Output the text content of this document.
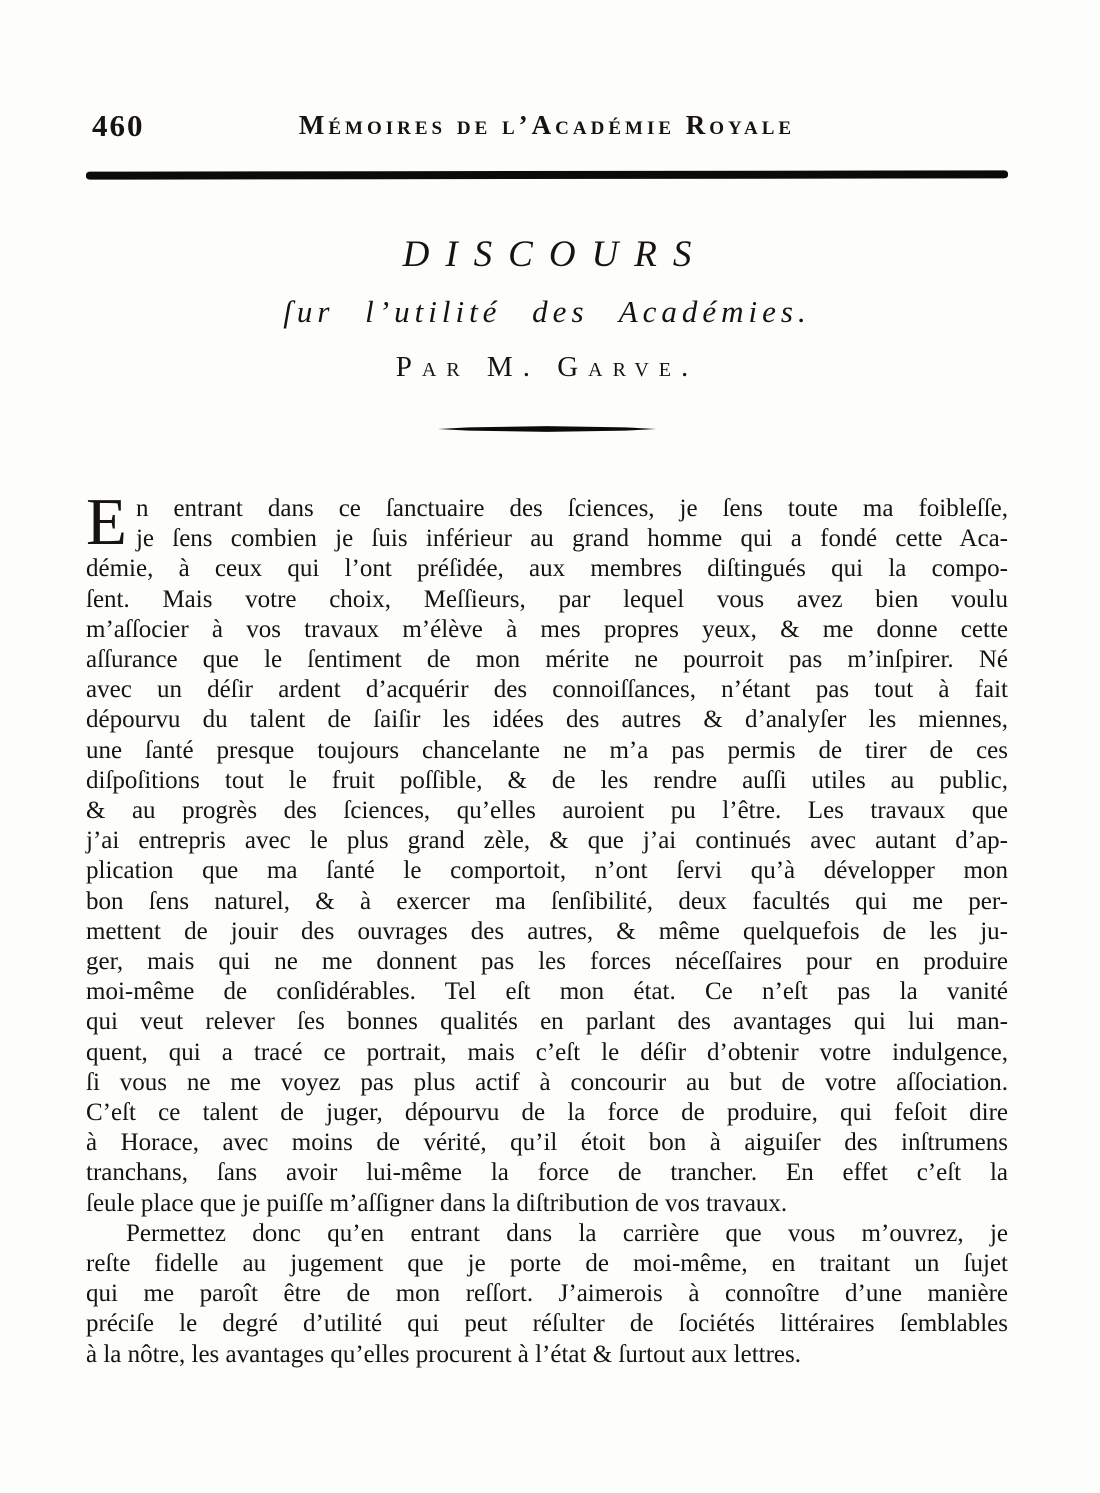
460	Mémoires de l’Académie Royale
DISCOURS
ſur l’utilité des Académies.
Par M. Garve.
En entrant dans ce ſanctuaire des ſciences, je ſens toute ma foibleſſe,
je ſens combien je ſuis inférieur au grand homme qui a fondé cette Aca-
démie, à ceux qui l’ont préſidée, aux membres diſtingués qui la compo-
ſent. Mais votre choix, Meſſieurs, par lequel vous avez bien voulu
m’aſſocier à vos travaux m’élève à mes propres yeux, & me donne cette
aſſurance que le ſentiment de mon mérite ne pourroit pas m’inſpirer. Né
avec un déſir ardent d’acquérir des connoiſſances, n’étant pas tout à fait
dépourvu du talent de ſaiſir les idées des autres & d’analyſer les miennes,
une ſanté presque toujours chancelante ne m’a pas permis de tirer de ces
diſpoſitions tout le fruit poſſible, & de les rendre auſſi utiles au public,
& au progrès des ſciences, qu’elles auroient pu l’être. Les travaux que
j’ai entrepris avec le plus grand zèle, & que j’ai continués avec autant d’ap-
plication que ma ſanté le comportoit, n’ont ſervi qu’à développer mon
bon ſens naturel, & à exercer ma ſenſibilité, deux facultés qui me per-
mettent de jouir des ouvrages des autres, & même quelquefois de les ju-
ger, mais qui ne me donnent pas les forces néceſſaires pour en produire
moi-même de conſidérables. Tel eſt mon état. Ce n’eſt pas la vanité
qui veut relever ſes bonnes qualités en parlant des avantages qui lui man-
quent, qui a tracé ce portrait, mais c’eſt le déſir d’obtenir votre indulgence,
ſi vous ne me voyez pas plus actif à concourir au but de votre aſſociation.
C’eſt ce talent de juger, dépourvu de la force de produire, qui feſoit dire
à Horace, avec moins de vérité, qu’il étoit bon à aiguiſer des inſtrumens
tranchans, ſans avoir lui-même la force de trancher. En effet c’eſt la
ſeule place que je puiſſe m’aſſigner dans la diſtribution de vos travaux.
Permettez donc qu’en entrant dans la carrière que vous m’ouvrez, je
reſte fidelle au jugement que je porte de moi-même, en traitant un ſujet
qui me paroît être de mon reſſort. J’aimerois à connoître d’une manière
préciſe le degré d’utilité qui peut réſulter de ſociétés littéraires ſemblables
à la nôtre, les avantages qu’elles procurent à l’état & ſurtout aux lettres.
